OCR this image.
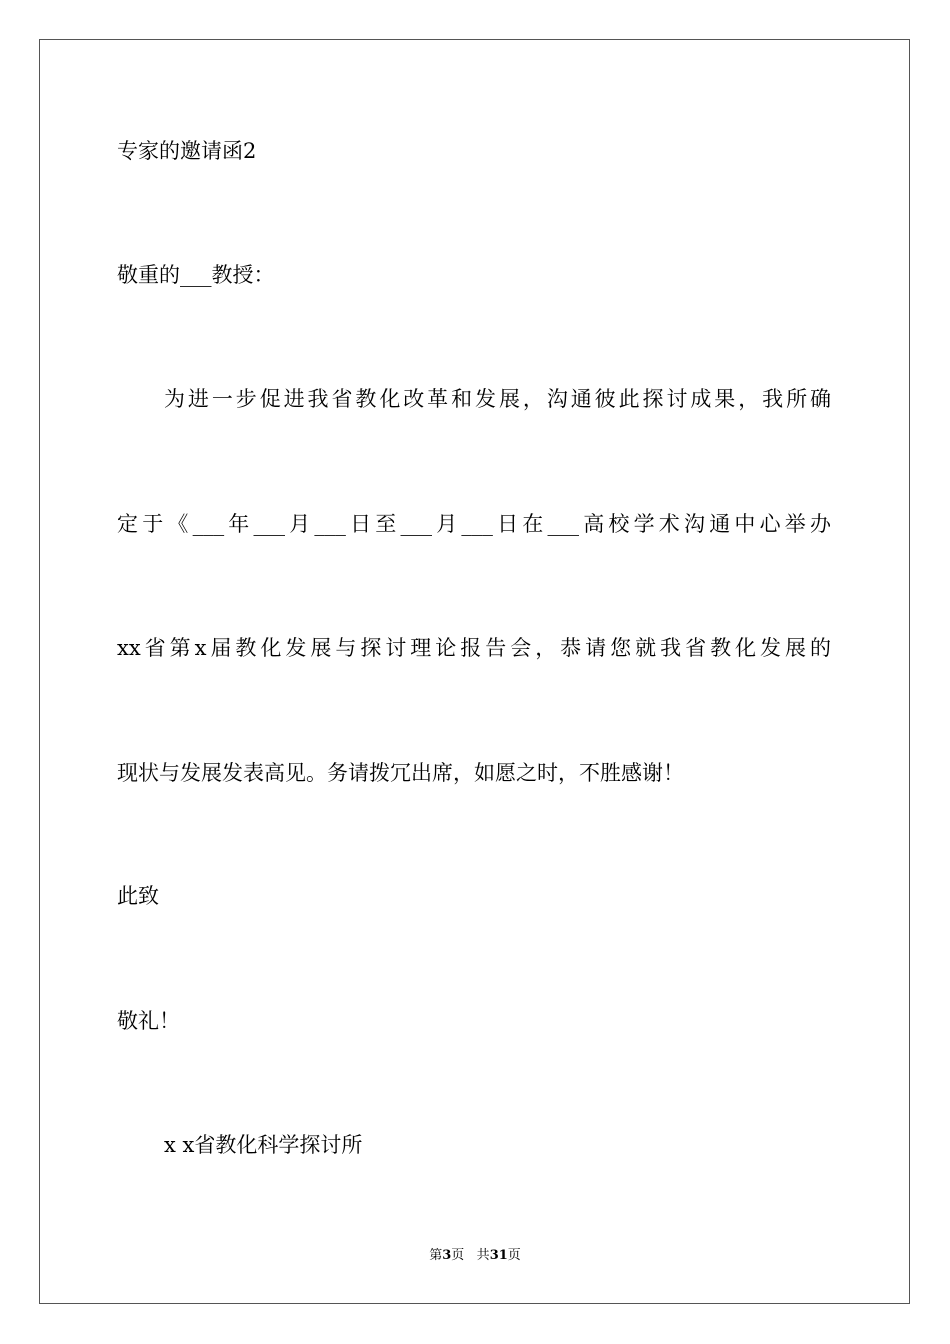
专家的邀请函2
敬重的___教授：
为进一步促进我省教化改革和发展，沟通彼此探讨成果，我所确
定于《___年___月___日至___月___日在___高校学术沟通中心举办
xx省第x届教化发展与探讨理论报告会，恭请您就我省教化发展的
现状与发展发表高见。务请拨冗出席，如愿之时，不胜感谢！
此致
敬礼！
x x省教化科学探讨所
第3页 共31页
